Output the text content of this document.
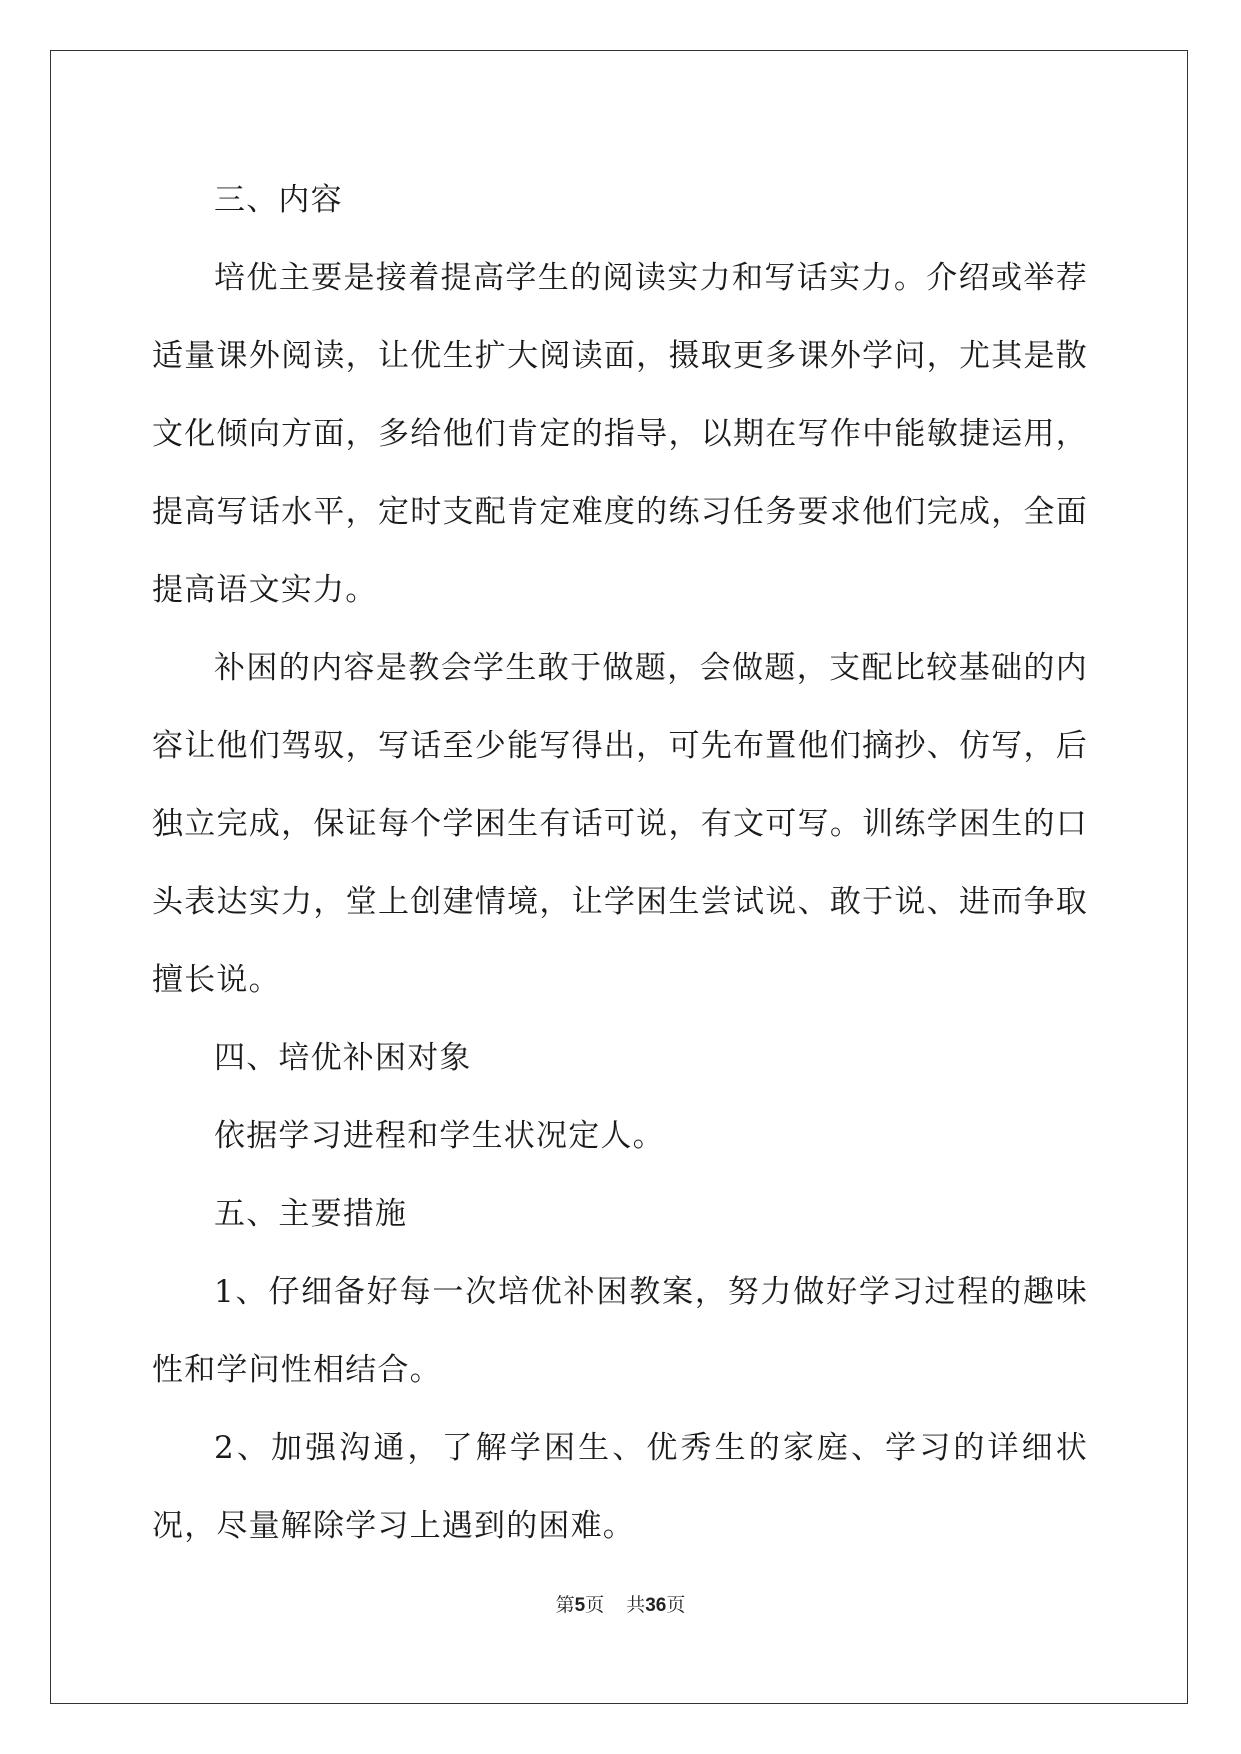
三、内容

培优主要是接着提高学生的阅读实力和写话实力。介绍或举荐适量课外阅读，让优生扩大阅读面，摄取更多课外学问，尤其是散文化倾向方面，多给他们肯定的指导，以期在写作中能敏捷运用，提高写话水平，定时支配肯定难度的练习任务要求他们完成，全面提高语文实力。

补困的内容是教会学生敢于做题，会做题，支配比较基础的内容让他们驾驭，写话至少能写得出，可先布置他们摘抄、仿写，后独立完成，保证每个学困生有话可说，有文可写。训练学困生的口头表达实力，堂上创建情境，让学困生尝试说、敢于说、进而争取擅长说。

四、培优补困对象

依据学习进程和学生状况定人。

五、主要措施

1、仔细备好每一次培优补困教案，努力做好学习过程的趣味性和学问性相结合。

2、加强沟通，了解学困生、优秀生的家庭、学习的详细状况，尽量解除学习上遇到的困难。

第5页 共36页
